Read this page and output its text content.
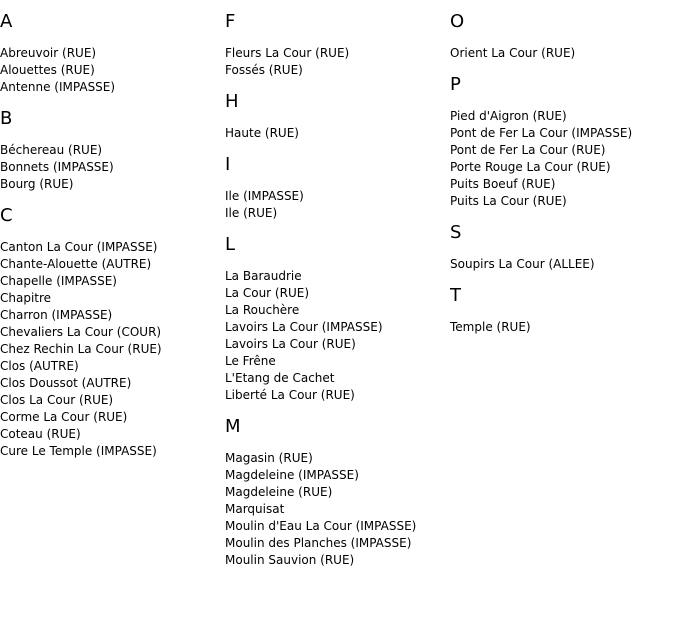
A
Abreuvoir (RUE)
Alouettes (RUE)
Antenne (IMPASSE)
B
Béchereau (RUE)
Bonnets (IMPASSE)
Bourg (RUE)
C
Canton La Cour (IMPASSE)
Chante-Alouette (AUTRE)
Chapelle (IMPASSE)
Chapitre
Charron (IMPASSE)
Chevaliers La Cour (COUR)
Chez Rechin La Cour (RUE)
Clos (AUTRE)
Clos Doussot (AUTRE)
Clos La Cour (RUE)
Corme La Cour (RUE)
Coteau (RUE)
Cure Le Temple (IMPASSE)
F
Fleurs La Cour (RUE)
Fossés (RUE)
H
Haute (RUE)
I
Ile (IMPASSE)
Ile (RUE)
L
La Baraudrie
La Cour (RUE)
La Rouchère
Lavoirs La Cour (IMPASSE)
Lavoirs La Cour (RUE)
Le Frêne
L'Etang de Cachet
Liberté La Cour (RUE)
M
Magasin (RUE)
Magdeleine (IMPASSE)
Magdeleine (RUE)
Marquisat
Moulin d'Eau La Cour (IMPASSE)
Moulin des Planches (IMPASSE)
Moulin Sauvion (RUE)
O
Orient La Cour (RUE)
P
Pied d'Aigron (RUE)
Pont de Fer La Cour (IMPASSE)
Pont de Fer La Cour (RUE)
Porte Rouge La Cour (RUE)
Puits Boeuf (RUE)
Puits La Cour (RUE)
S
Soupirs La Cour (ALLEE)
T
Temple (RUE)
